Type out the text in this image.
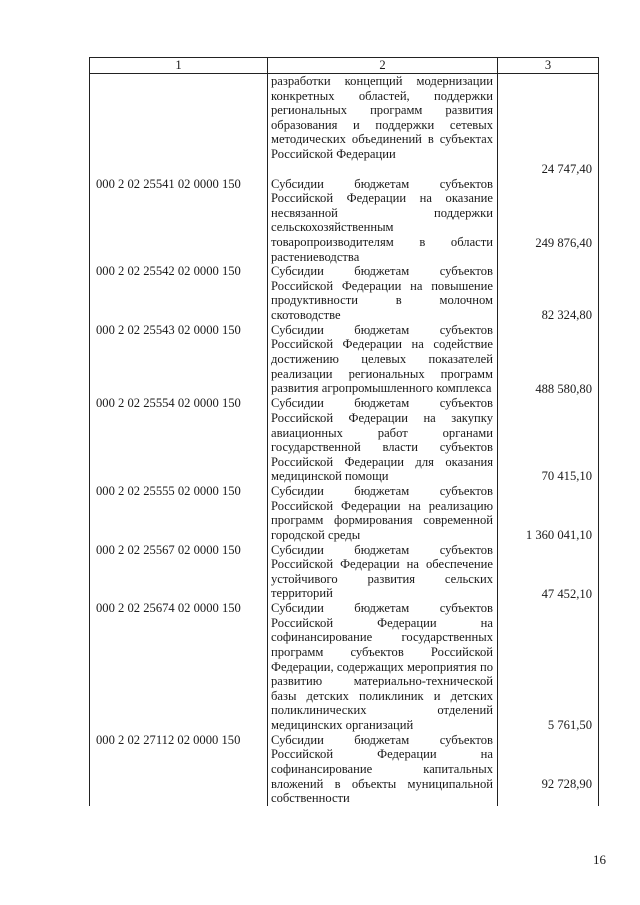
1	2	3

	разработки концепций модернизации конкретных областей, поддержки региональных программ развития образования и поддержки сетевых методических объединений в субъектах Российской Федерации	24 747,40
000 2 02 25541 02 0000 150	Субсидии бюджетам субъектов Российской Федерации на оказание несвязанной поддержки сельскохозяйственным товаропроизводителям в области растениеводства	249 876,40
000 2 02 25542 02 0000 150	Субсидии бюджетам субъектов Российской Федерации на повышение продуктивности в молочном скотоводстве	82 324,80
000 2 02 25543 02 0000 150	Субсидии бюджетам субъектов Российской Федерации на содействие достижению целевых показателей реализации региональных программ развития агропромышленного комплекса	488 580,80
000 2 02 25554 02 0000 150	Субсидии бюджетам субъектов Российской Федерации на закупку авиационных работ органами государственной власти субъектов Российской Федерации для оказания медицинской помощи	70 415,10
000 2 02 25555 02 0000 150	Субсидии бюджетам субъектов Российской Федерации на реализацию программ формирования современной городской среды	1 360 041,10
000 2 02 25567 02 0000 150	Субсидии бюджетам субъектов Российской Федерации на обеспечение устойчивого развития сельских территорий	47 452,10
000 2 02 25674 02 0000 150	Субсидии бюджетам субъектов Российской Федерации на софинансирование государственных программ субъектов Российской Федерации, содержащих мероприятия по развитию материально-технической базы детских поликлиник и детских поликлинических отделений медицинских организаций	5 761,50
000 2 02 27112 02 0000 150	Субсидии бюджетам субъектов Российской Федерации на софинансирование капитальных вложений в объекты муниципальной собственности	92 728,90
16
